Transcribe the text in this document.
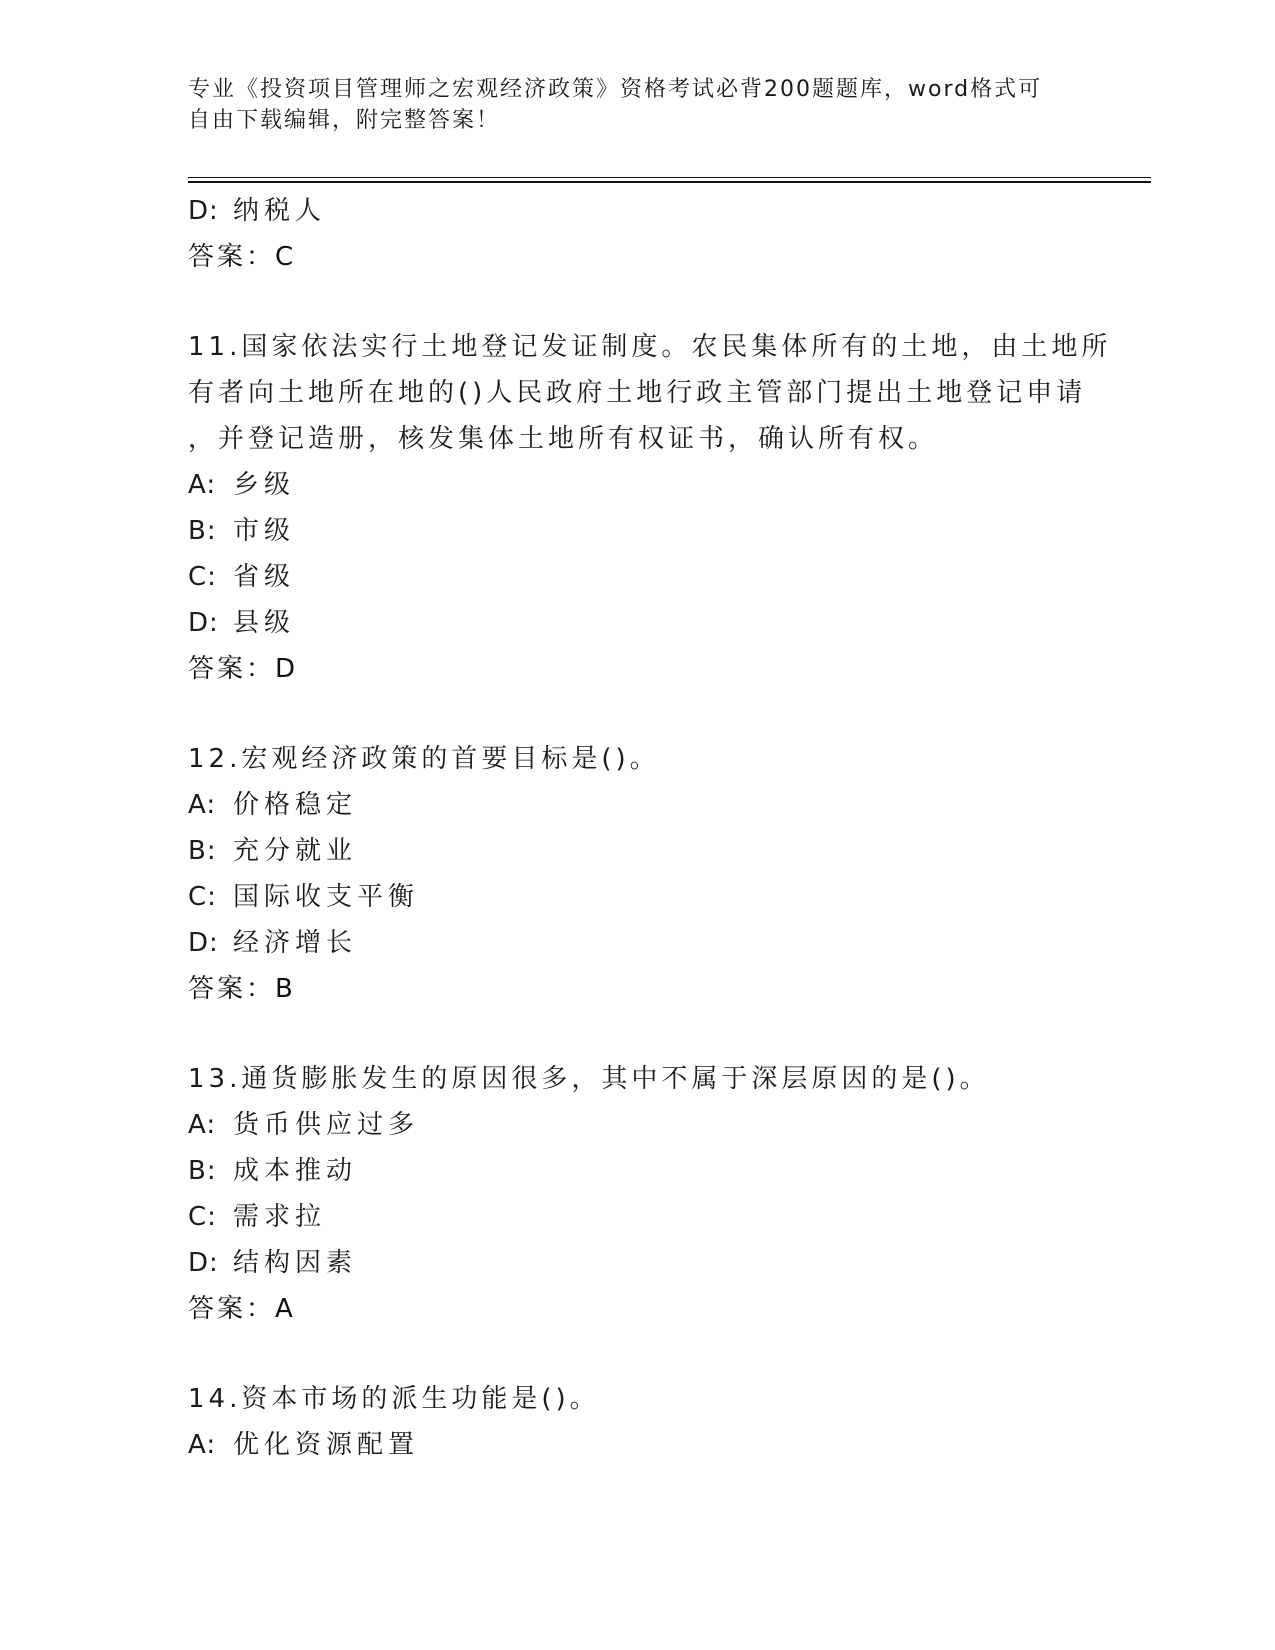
专业《投资项目管理师之宏观经济政策》资格考试必背200题题库，word格式可
自由下载编辑，附完整答案！
D: 纳税人
答案：C
11.国家依法实行土地登记发证制度。农民集体所有的土地，由土地所
有者向土地所在地的()人民政府土地行政主管部门提出土地登记申请
，并登记造册，核发集体土地所有权证书，确认所有权。
A: 乡级
B: 市级
C: 省级
D: 县级
答案：D
12.宏观经济政策的首要目标是()。
A: 价格稳定
B: 充分就业
C: 国际收支平衡
D: 经济增长
答案：B
13.通货膨胀发生的原因很多，其中不属于深层原因的是()。
A: 货币供应过多
B: 成本推动
C: 需求拉
D: 结构因素
答案：A
14.资本市场的派生功能是()。
A: 优化资源配置
